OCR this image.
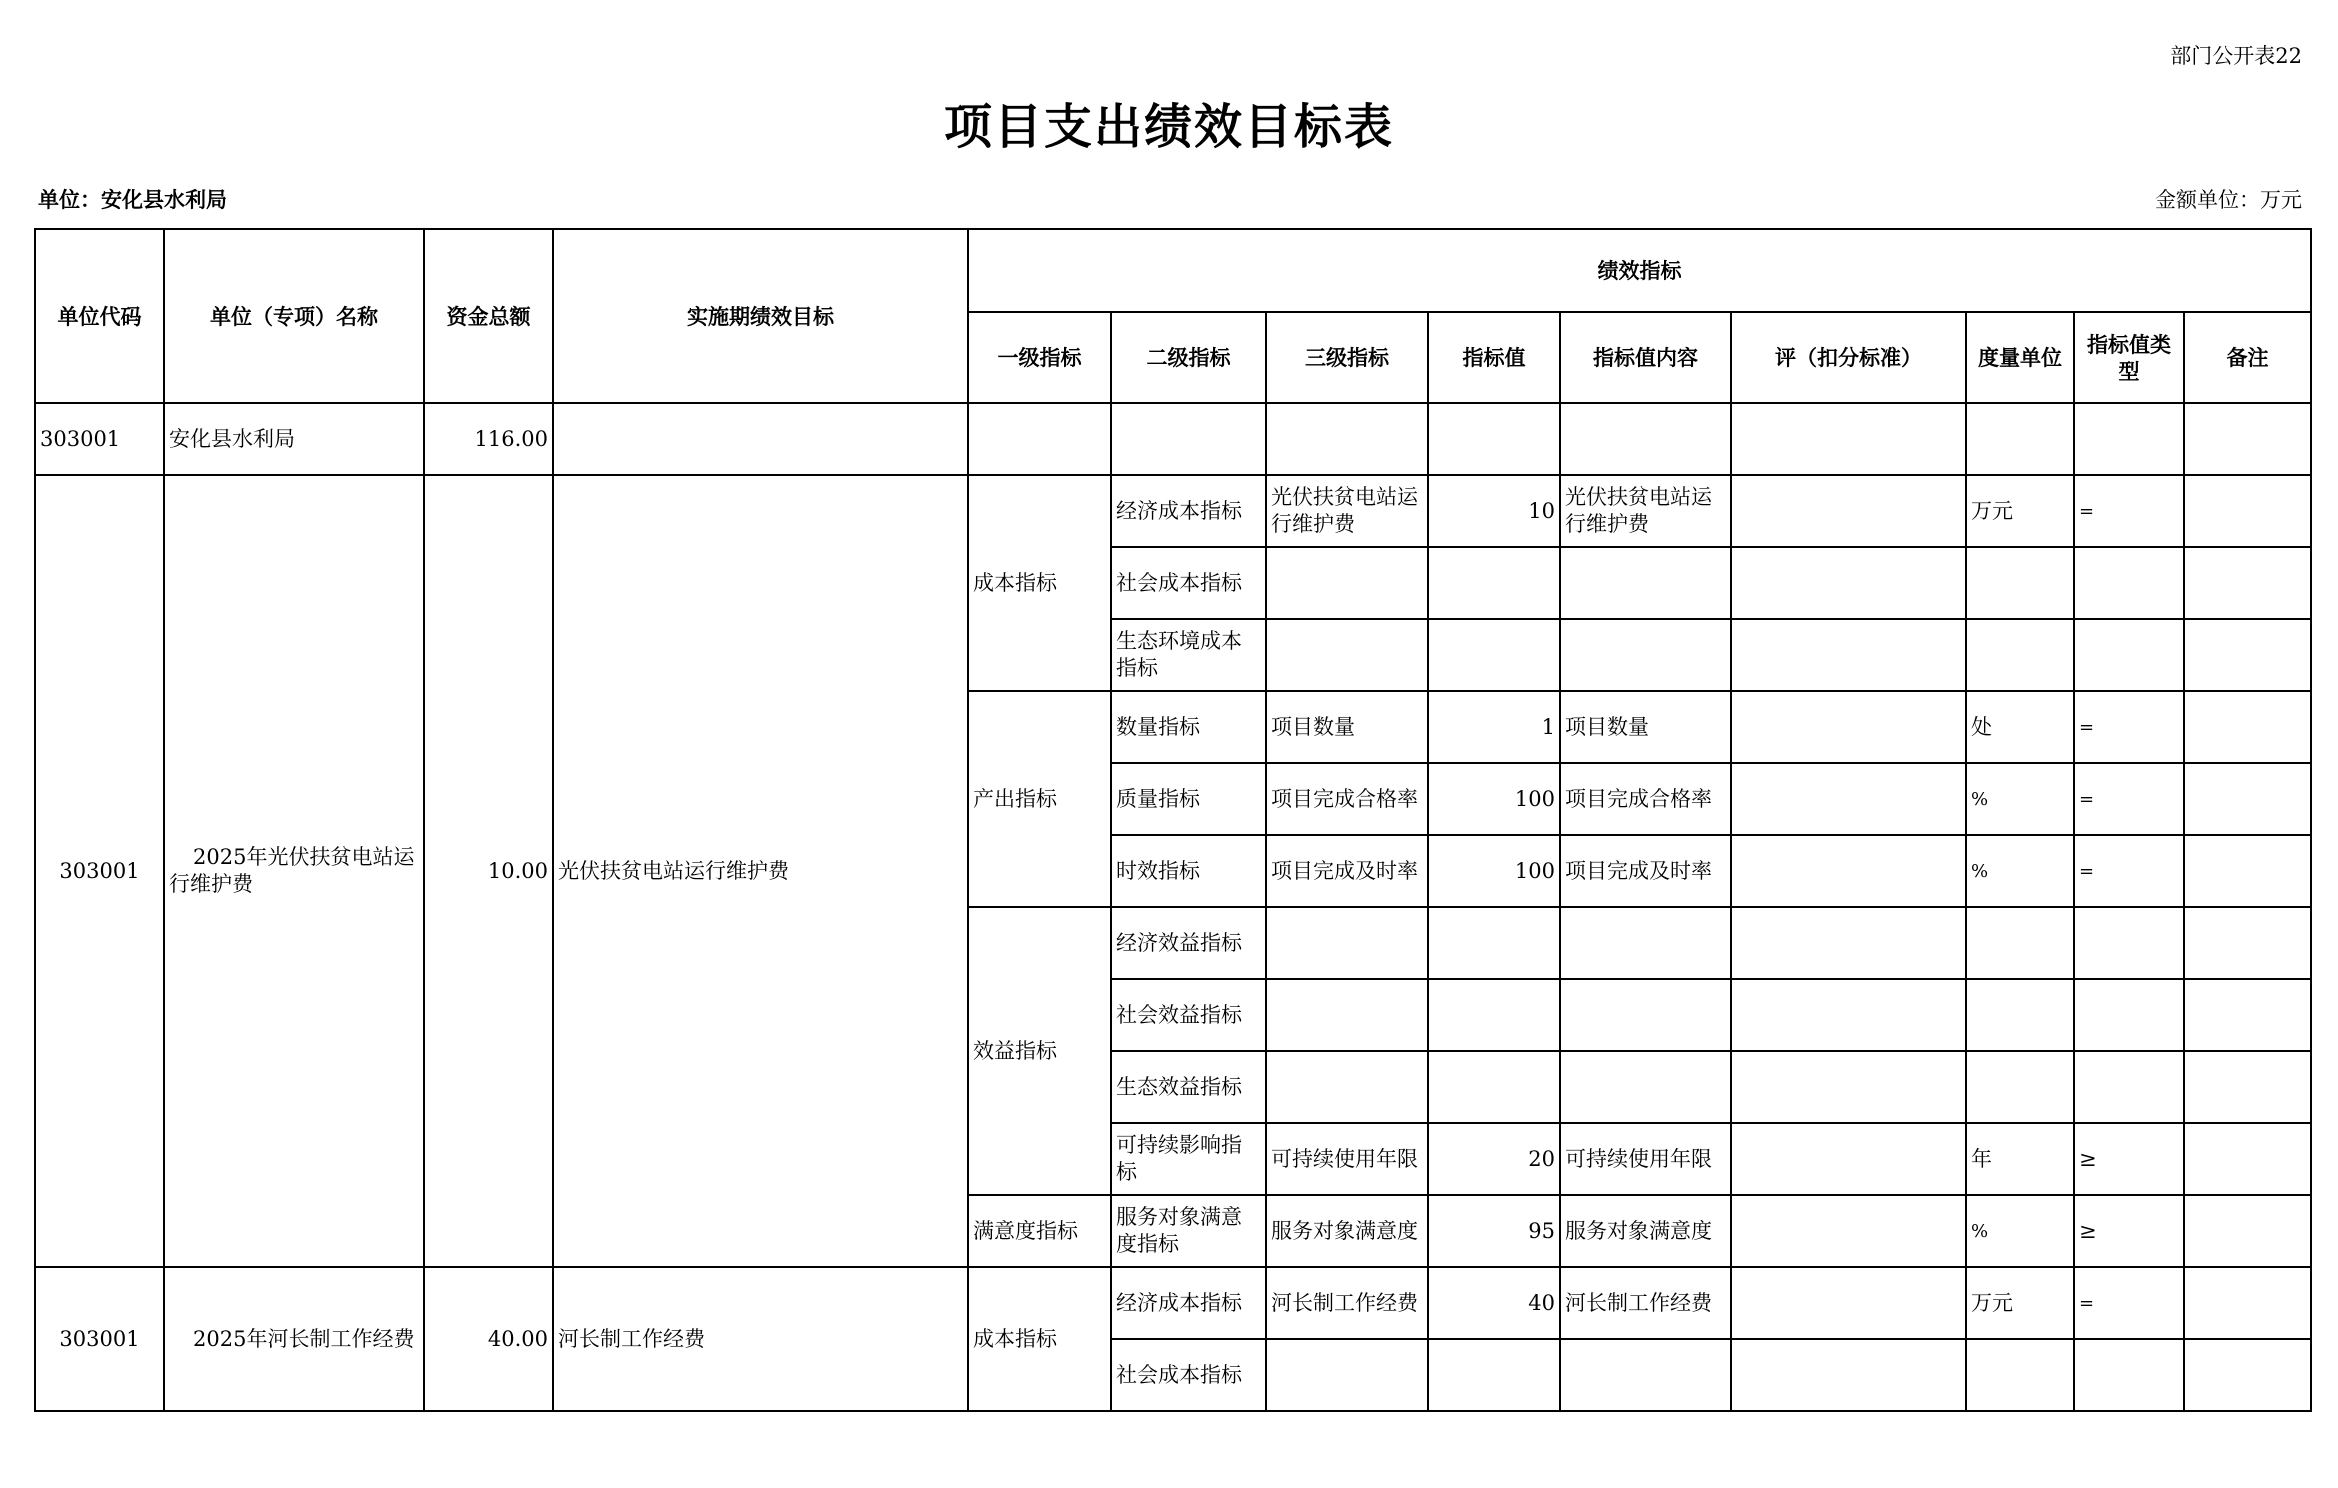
部门公开表22
项目支出绩效目标表
单位：安化县水利局	金额单位：万元
单位代码	单位（专项）名称	资金总额	实施期绩效目标	绩效指标								
				一级指标	二级指标	三级指标	指标值	指标值内容	评（扣分标准）	度量单位	指标值类型	备注
303001	安化县水利局	116.00										
303001	2025年光伏扶贫电站运行维护费	10.00	光伏扶贫电站运行维护费	成本指标	经济成本指标	光伏扶贫电站运行维护费	10	光伏扶贫电站运行维护费		万元	=	
					社会成本指标							
					生态环境成本指标							
				产出指标	数量指标	项目数量	1	项目数量		处	=	
					质量指标	项目完成合格率	100	项目完成合格率		%	=	
					时效指标	项目完成及时率	100	项目完成及时率		%	=	
				效益指标	经济效益指标							
					社会效益指标							
					生态效益指标							
					可持续影响指标	可持续使用年限	20	可持续使用年限		年	≥	
				满意度指标	服务对象满意度指标	服务对象满意度	95	服务对象满意度		%	≥	
303001	2025年河长制工作经费	40.00	河长制工作经费	成本指标	经济成本指标	河长制工作经费	40	河长制工作经费		万元	=	
					社会成本指标							
